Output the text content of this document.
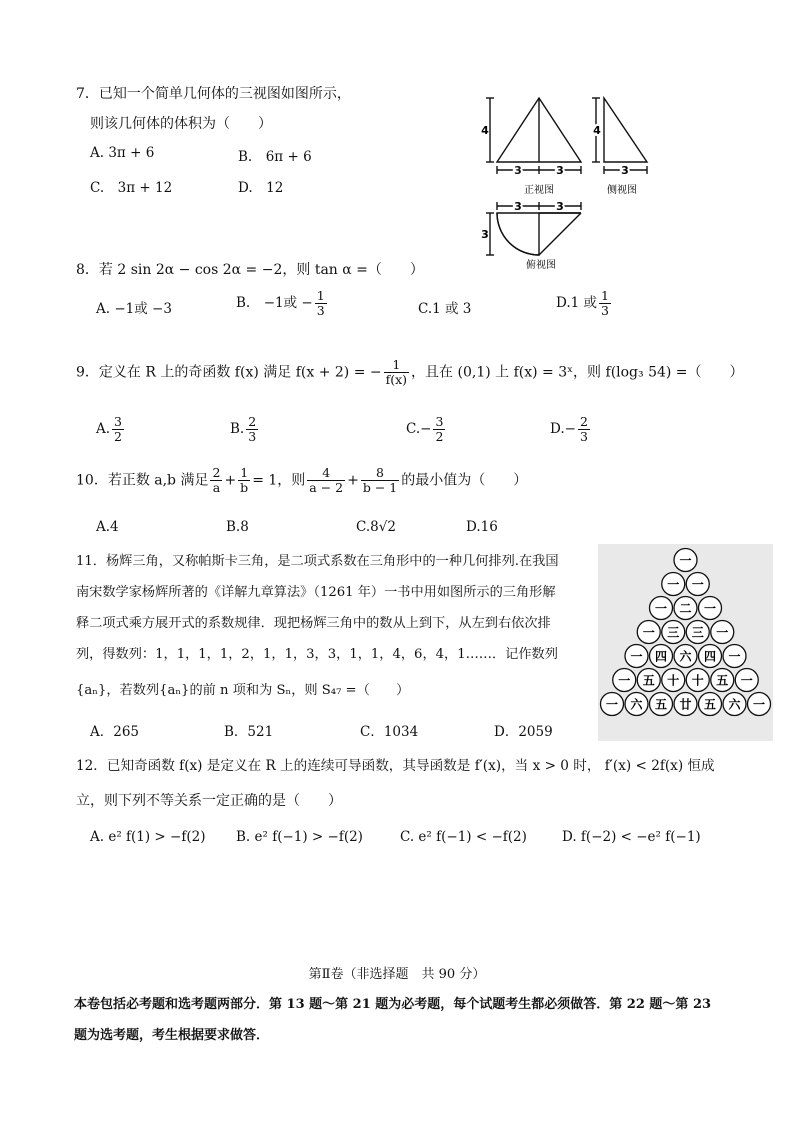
7．已知一个简单几何体的三视图如图所示，
则该几何体的体积为（　　）
A. 3π + 6	B.　6π + 6
C.　3π + 12	D.　12
4
3	3
正视图
4
3
侧视图
3	3
3
俯视图
8．若 2 sin 2α − cos 2α = −2，则 tan α =（　　）
A. −1或 −3	B.　−1或 − $\frac{1}{3}$	C.1 或 3	D.1 或 $\frac{1}{3}$
9．定义在 R 上的奇函数 f(x) 满足 f(x + 2) = − $\frac{1}{f(x)}$ ，且在 (0,1) 上 f(x) = 3ˣ，则 f(log₃ 54) =（　　）
A. $\frac{3}{2}$	B. $\frac{2}{3}$	$C.- \frac{3}{2}$	$D.- \frac{2}{3}$
10．若正数 a,b 满足 $\frac{2}{a} + \frac{1}{b} = 1$，则 $\frac{4}{a - 2} + \frac{8}{b - 1}$ 的最小值为（　　）
A.4	B.8	C.8√2	D.16
11．杨辉三角，又称帕斯卡三角，是二项式系数在三角形中的一种几何排列.在我国
南宋数学家杨辉所著的《详解九章算法》（1261 年）一书中用如图所示的三角形解
释二项式乘方展开式的系数规律．现把杨辉三角中的数从上到下，从左到右依次排
列，得数列：1，1，1，1，2，1，1，3，3，1，1，4，6，4，1……．记作数列
{aₙ}，若数列{aₙ}的前 n 项和为 Sₙ，则 S₄₇ =（　　）
A．265	B．521	C．1034	D．2059
一
一 一
一 二 一
一 三 三 一
一 四 六 四 一
一 五 十 十 五 一
一 六 五 廿 五 六 一
12．已知奇函数 f(x) 是定义在 R 上的连续可导函数，其导函数是 f′(x)，当 x > 0 时， f′(x) < 2f(x) 恒成
立，则下列不等关系一定正确的是（　　）
A. e² f(1) > −f(2) B. e² f(−1) > −f(2)	C. e² f(−1) < −f(2)	D. f(−2) < −e² f(−1)
第Ⅱ卷（非选择题　共 90 分）
本卷包括必考题和选考题两部分．第 13 题～第 21 题为必考题，每个试题考生都必须做答．第 22 题～第 23
题为选考题，考生根据要求做答．
